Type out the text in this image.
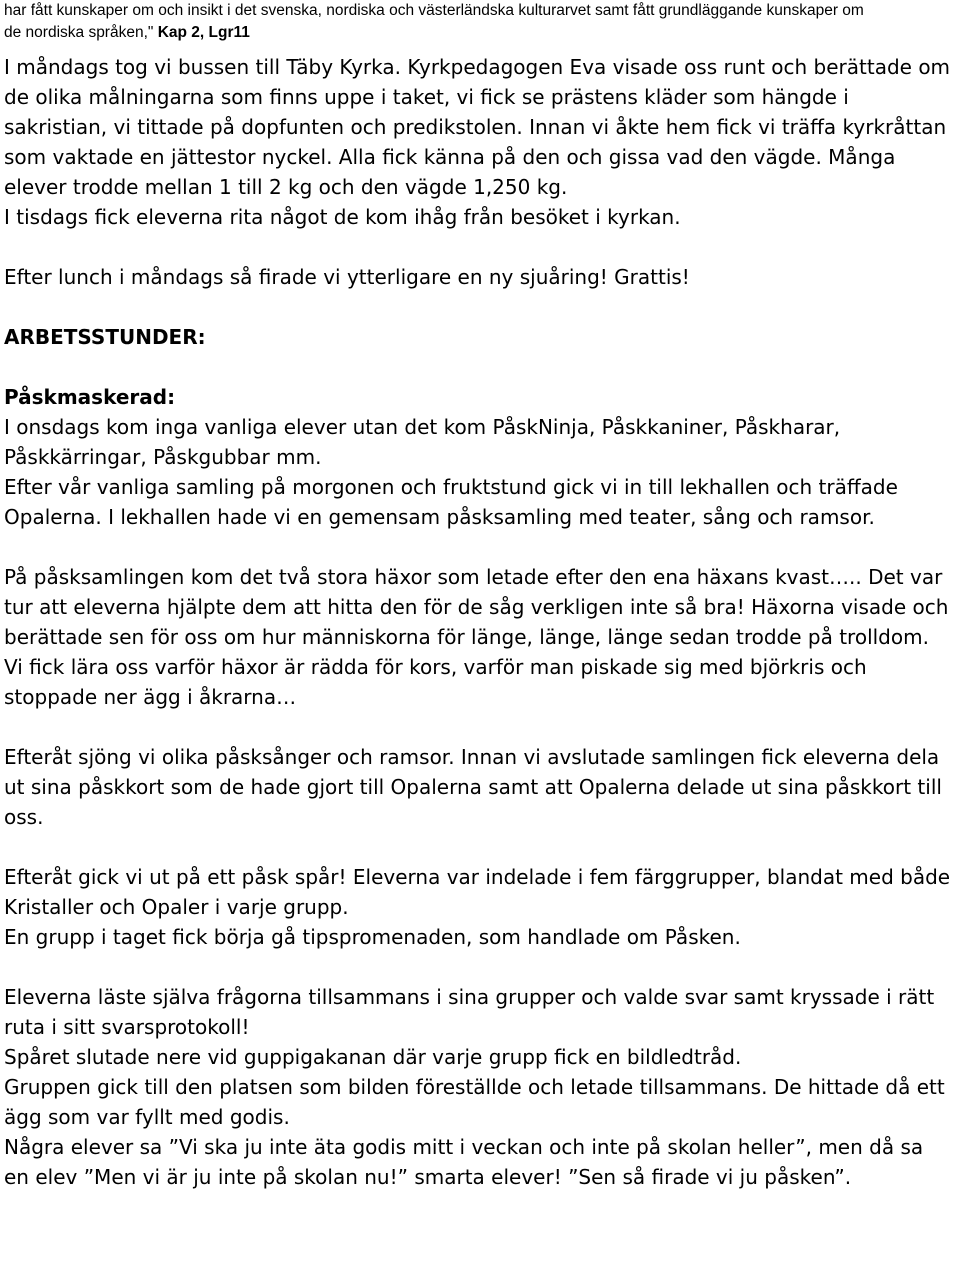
har fått kunskaper om och insikt i det svenska, nordiska och västerländska kulturarvet samt fått grundläggande kunskaper om
de nordiska språken," Kap 2, Lgr11

I måndags tog vi bussen till Täby Kyrka. Kyrkpedagogen Eva visade oss runt och berättade om de olika målningarna som finns uppe i taket, vi fick se prästens kläder som hängde i sakristian, vi tittade på dopfunten och predikstolen. Innan vi åkte hem fick vi träffa kyrkråttan som vaktade en jättestor nyckel. Alla fick känna på den och gissa vad den vägde. Många elever trodde mellan 1 till 2 kg och den vägde 1,250 kg.

I tisdags fick eleverna rita något de kom ihåg från besöket i kyrkan.

Efter lunch i måndags så firade vi ytterligare en ny sjuåring! Grattis!

ARBETSSTUNDER:

Påskmaskerad:

I onsdags kom inga vanliga elever utan det kom PåskNinja, Påskkaniner, Påskharar, Påskkärringar, Påskgubbar mm.

Efter vår vanliga samling på morgonen och fruktstund gick vi in till lekhallen och träffade Opalerna. I lekhallen hade vi en gemensam påsksamling med teater, sång och ramsor.

På påsksamlingen kom det två stora häxor som letade efter den ena häxans kvast….. Det var tur att eleverna hjälpte dem att hitta den för de såg verkligen inte så bra! Häxorna visade och berättade sen för oss om hur människorna för länge, länge, länge sedan trodde på trolldom. Vi fick lära oss varför häxor är rädda för kors, varför man piskade sig med björkris och stoppade ner ägg i åkrarna…

Efteråt sjöng vi olika påsksånger och ramsor. Innan vi avslutade samlingen fick eleverna dela ut sina påskkort som de hade gjort till Opalerna samt att Opalerna delade ut sina påskkort till oss.

Efteråt gick vi ut på ett påsk spår! Eleverna var indelade i fem färggrupper, blandat med både Kristaller och Opaler i varje grupp.

En grupp i taget fick börja gå tipspromenaden, som handlade om Påsken.

Eleverna läste själva frågorna tillsammans i sina grupper och valde svar samt kryssade i rätt ruta i sitt svarsprotokoll!

Spåret slutade nere vid guppigakanan där varje grupp fick en bildledtråd.

Gruppen gick till den platsen som bilden föreställde och letade tillsammans. De hittade då ett ägg som var fyllt med godis.

Några elever sa ”Vi ska ju inte äta godis mitt i veckan och inte på skolan heller”, men då sa en elev ”Men vi är ju inte på skolan nu!” smarta elever! ”Sen så firade vi ju påsken”.
